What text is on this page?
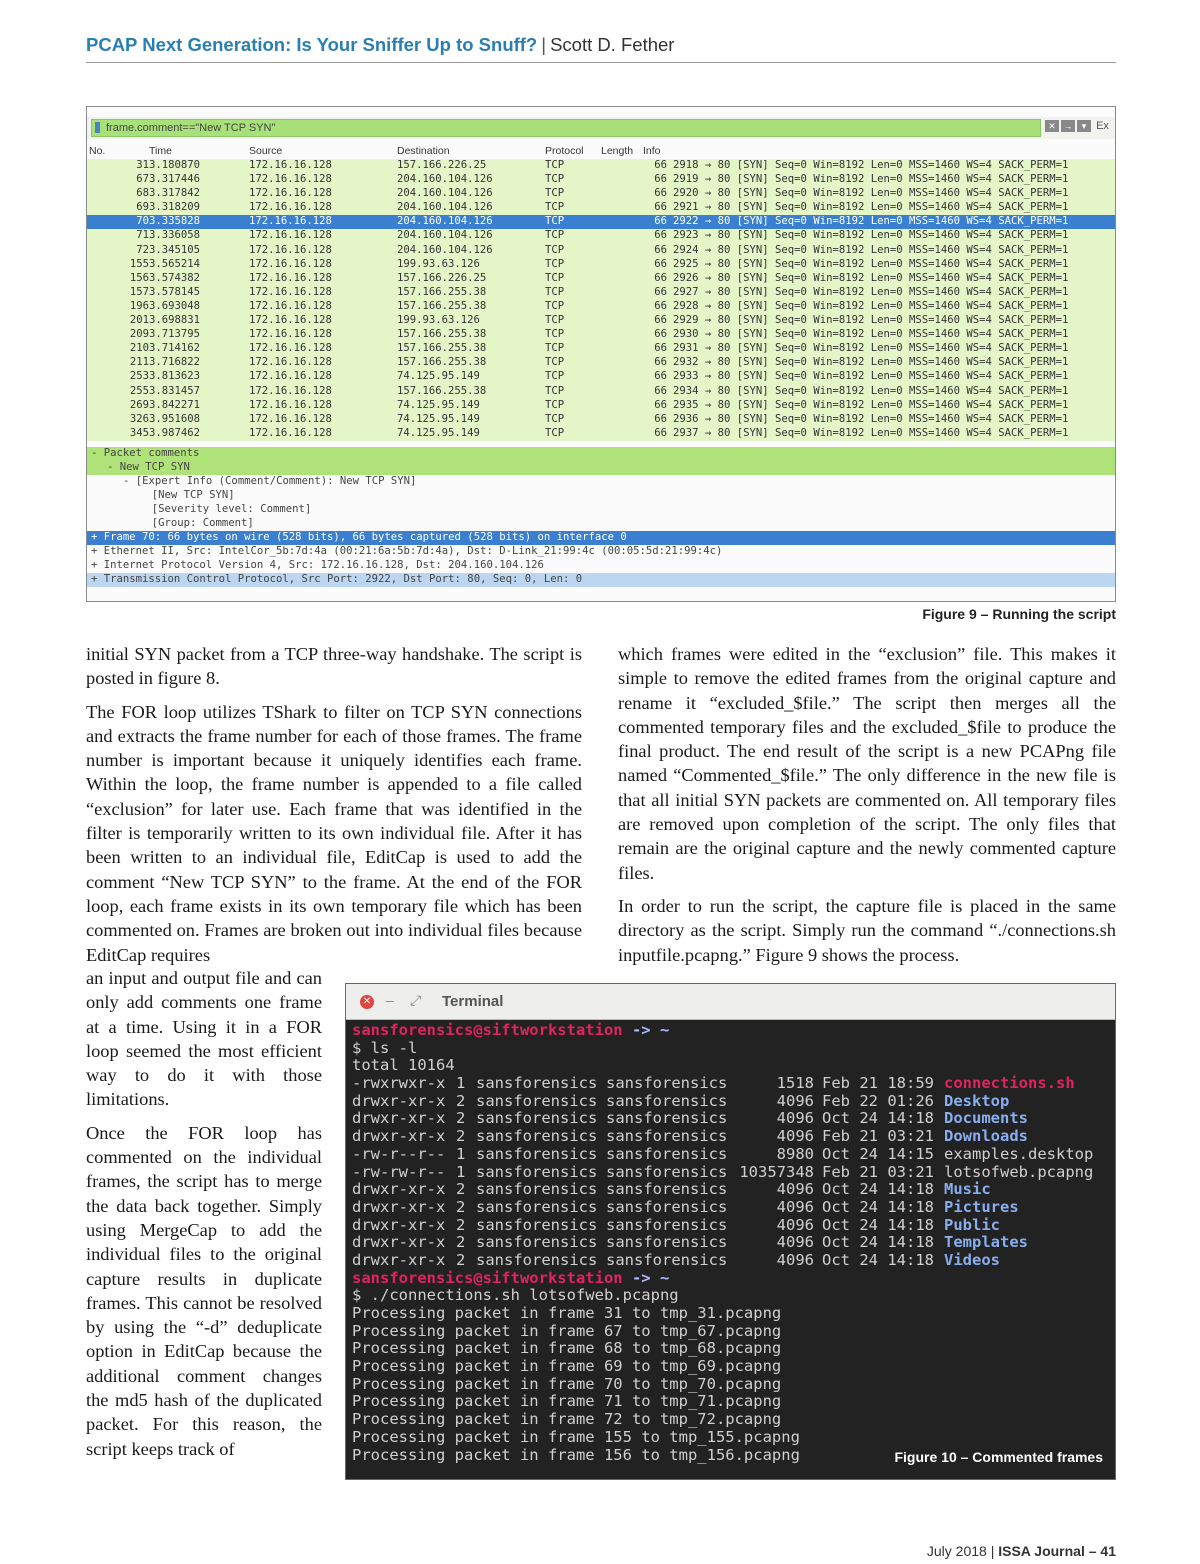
PCAP Next Generation: Is Your Sniffer Up to Snuff? | Scott D. Fether
frame.comment=="New TCP SYN"	✕ → ▾ Ex
No.	Time	Source	Destination	Protocol Length Info
31 3.180870	172.16.16.128	157.166.226.25	TCP	66 2918 → 80 [SYN] Seq=0 Win=8192 Len=0 MSS=1460 WS=4 SACK_PERM=1
67 3.317446	172.16.16.128	204.160.104.126	TCP	66 2919 → 80 [SYN] Seq=0 Win=8192 Len=0 MSS=1460 WS=4 SACK_PERM=1
68 3.317842	172.16.16.128	204.160.104.126	TCP	66 2920 → 80 [SYN] Seq=0 Win=8192 Len=0 MSS=1460 WS=4 SACK_PERM=1
69 3.318209	172.16.16.128	204.160.104.126	TCP	66 2921 → 80 [SYN] Seq=0 Win=8192 Len=0 MSS=1460 WS=4 SACK_PERM=1
70 3.335828	172.16.16.128	204.160.104.126	TCP	66 2922 → 80 [SYN] Seq=0 Win=8192 Len=0 MSS=1460 WS=4 SACK_PERM=1
71 3.336058	172.16.16.128	204.160.104.126	TCP	66 2923 → 80 [SYN] Seq=0 Win=8192 Len=0 MSS=1460 WS=4 SACK_PERM=1
72 3.345105	172.16.16.128	204.160.104.126	TCP	66 2924 → 80 [SYN] Seq=0 Win=8192 Len=0 MSS=1460 WS=4 SACK_PERM=1
155 3.565214	172.16.16.128	199.93.63.126	TCP	66 2925 → 80 [SYN] Seq=0 Win=8192 Len=0 MSS=1460 WS=4 SACK_PERM=1
156 3.574382	172.16.16.128	157.166.226.25	TCP	66 2926 → 80 [SYN] Seq=0 Win=8192 Len=0 MSS=1460 WS=4 SACK_PERM=1
157 3.578145	172.16.16.128	157.166.255.38	TCP	66 2927 → 80 [SYN] Seq=0 Win=8192 Len=0 MSS=1460 WS=4 SACK_PERM=1
196 3.693048	172.16.16.128	157.166.255.38	TCP	66 2928 → 80 [SYN] Seq=0 Win=8192 Len=0 MSS=1460 WS=4 SACK_PERM=1
201 3.698831	172.16.16.128	199.93.63.126	TCP	66 2929 → 80 [SYN] Seq=0 Win=8192 Len=0 MSS=1460 WS=4 SACK_PERM=1
209 3.713795	172.16.16.128	157.166.255.38	TCP	66 2930 → 80 [SYN] Seq=0 Win=8192 Len=0 MSS=1460 WS=4 SACK_PERM=1
210 3.714162	172.16.16.128	157.166.255.38	TCP	66 2931 → 80 [SYN] Seq=0 Win=8192 Len=0 MSS=1460 WS=4 SACK_PERM=1
211 3.716822	172.16.16.128	157.166.255.38	TCP	66 2932 → 80 [SYN] Seq=0 Win=8192 Len=0 MSS=1460 WS=4 SACK_PERM=1
253 3.813623	172.16.16.128	74.125.95.149	TCP	66 2933 → 80 [SYN] Seq=0 Win=8192 Len=0 MSS=1460 WS=4 SACK_PERM=1
255 3.831457	172.16.16.128	157.166.255.38	TCP	66 2934 → 80 [SYN] Seq=0 Win=8192 Len=0 MSS=1460 WS=4 SACK_PERM=1
269 3.842271	172.16.16.128	74.125.95.149	TCP	66 2935 → 80 [SYN] Seq=0 Win=8192 Len=0 MSS=1460 WS=4 SACK_PERM=1
326 3.951608	172.16.16.128	74.125.95.149	TCP	66 2936 → 80 [SYN] Seq=0 Win=8192 Len=0 MSS=1460 WS=4 SACK_PERM=1
345 3.987462	172.16.16.128	74.125.95.149	TCP	66 2937 → 80 [SYN] Seq=0 Win=8192 Len=0 MSS=1460 WS=4 SACK_PERM=1
- Packet comments
- New TCP SYN
- [Expert Info (Comment/Comment): New TCP SYN]
[New TCP SYN]
[Severity level: Comment]
[Group: Comment]
+ Frame 70: 66 bytes on wire (528 bits), 66 bytes captured (528 bits) on interface 0
+ Ethernet II, Src: IntelCor_5b:7d:4a (00:21:6a:5b:7d:4a), Dst: D-Link_21:99:4c (00:05:5d:21:99:4c)
+ Internet Protocol Version 4, Src: 172.16.16.128, Dst: 204.160.104.126
+ Transmission Control Protocol, Src Port: 2922, Dst Port: 80, Seq: 0, Len: 0
Figure 9 – Running the script

initial SYN packet from a TCP three-way handshake. The script is posted in figure 8.

The FOR loop utilizes TShark to filter on TCP SYN connections and extracts the frame number for each of those frames. The frame number is important because it uniquely identifies each frame. Within the loop, the frame number is appended to a file called “exclusion” for later use. Each frame that was identified in the filter is temporarily written to its own individual file. After it has been written to an individual file, EditCap is used to add the comment “New TCP SYN” to the frame. At the end of the FOR loop, each frame exists in its own temporary file which has been commented on. Frames are broken out into individual files because EditCap requires

an input and output file and can only add comments one frame at a time. Using it in a FOR loop seemed the most efficient way to do it with those limitations.

Once the FOR loop has commented on the individual frames, the script has to merge the data back together. Simply using MergeCap to add the individual files to the original capture results in duplicate frames. This cannot be resolved by using the “-d” deduplicate option in EditCap because the additional comment changes the md5 hash of the duplicated packet. For this reason, the script keeps track of

which frames were edited in the “exclusion” file. This makes it simple to remove the edited frames from the original capture and rename it “excluded_$file.” The script then merges all the commented temporary files and the excluded_$file to produce the final product. The end result of the script is a new PCAPng file named “Commented_$file.” The only difference in the new file is that all initial SYN packets are commented on. All temporary files are removed upon completion of the script. The only files that remain are the original capture and the newly commented capture files.

In order to run the script, the capture file is placed in the same directory as the script. Simply run the command “./connections.sh inputfile.pcapng.” Figure 9 shows the process.

✕ – ⤢ Terminal
sansforensics@siftworkstation -> ~
$ ls -l
total 10164
-rwxrwxr-x 1 sansforensics sansforensics	1518 Feb 21 18:59 connections.sh
drwxr-xr-x 2 sansforensics sansforensics	4096 Feb 22 01:26 Desktop
drwxr-xr-x 2 sansforensics sansforensics	4096 Oct 24 14:18 Documents
drwxr-xr-x 2 sansforensics sansforensics	4096 Feb 21 03:21 Downloads
-rw-r--r-- 1 sansforensics sansforensics	8980 Oct 24 14:15 examples.desktop
-rw-rw-r-- 1 sansforensics sansforensics 10357348 Feb 21 03:21 lotsofweb.pcapng
drwxr-xr-x 2 sansforensics sansforensics	4096 Oct 24 14:18 Music
drwxr-xr-x 2 sansforensics sansforensics	4096 Oct 24 14:18 Pictures
drwxr-xr-x 2 sansforensics sansforensics	4096 Oct 24 14:18 Public
drwxr-xr-x 2 sansforensics sansforensics	4096 Oct 24 14:18 Templates
drwxr-xr-x 2 sansforensics sansforensics	4096 Oct 24 14:18 Videos
sansforensics@siftworkstation -> ~
$ ./connections.sh lotsofweb.pcapng
Processing packet in frame 31 to tmp_31.pcapng
Processing packet in frame 67 to tmp_67.pcapng
Processing packet in frame 68 to tmp_68.pcapng
Processing packet in frame 69 to tmp_69.pcapng
Processing packet in frame 70 to tmp_70.pcapng
Processing packet in frame 71 to tmp_71.pcapng
Processing packet in frame 72 to tmp_72.pcapng
Processing packet in frame 155 to tmp_155.pcapng
Processing packet in frame 156 to tmp_156.pcapng	Figure 10 – Commented frames
July 2018 | ISSA Journal – 41
